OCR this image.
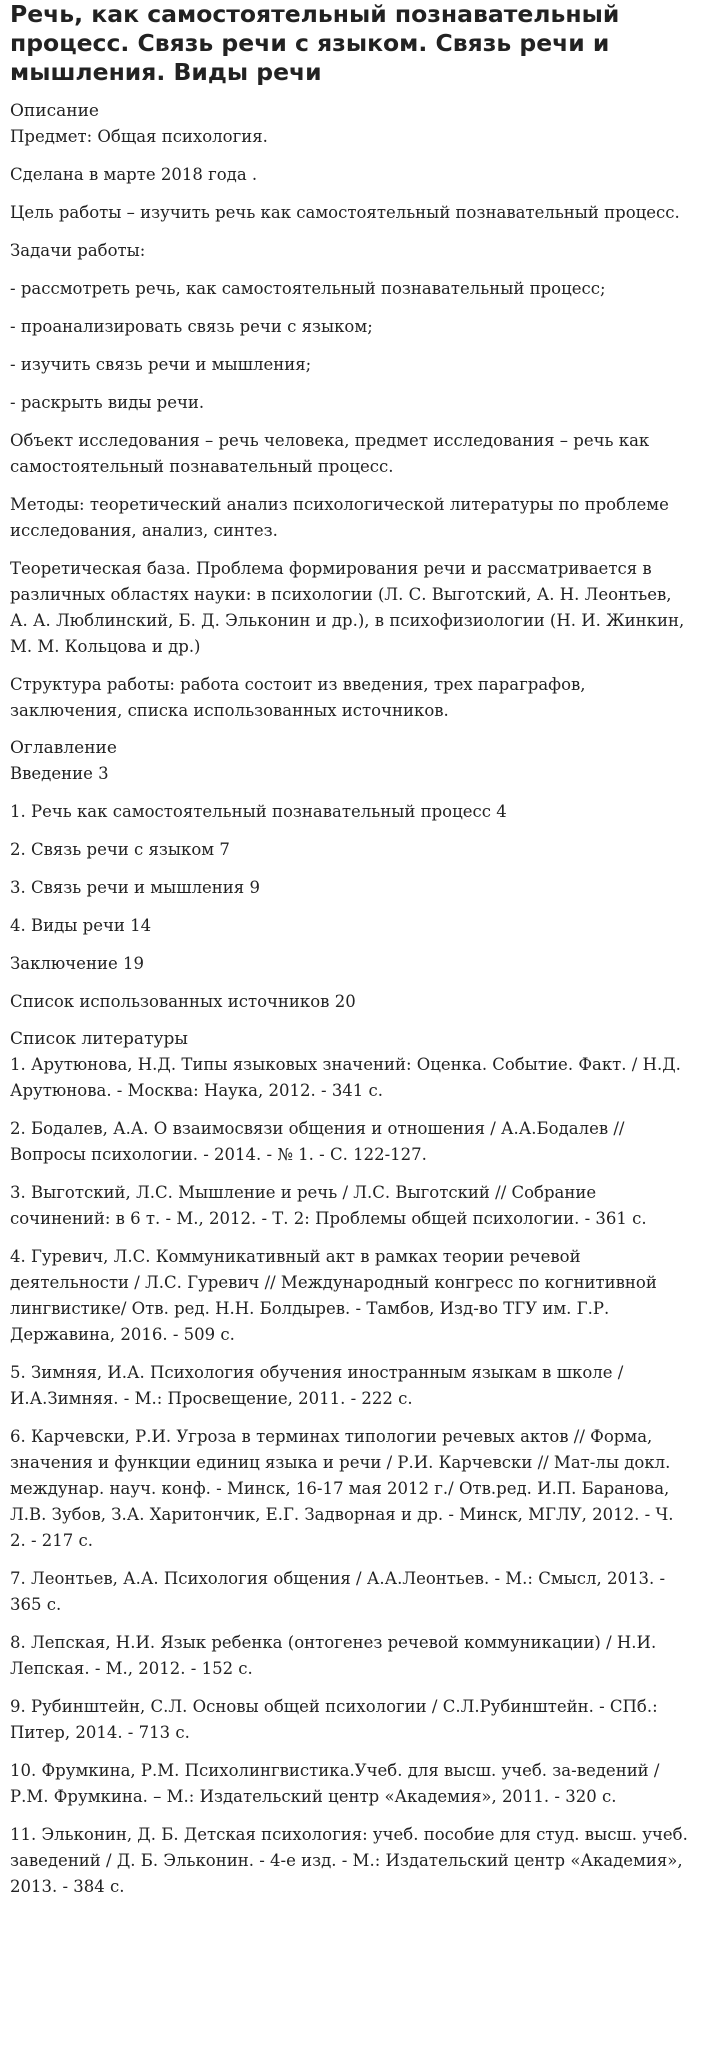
Речь, как самостоятельный познавательный процесс. Связь речи с языком. Связь речи и мышления. Виды речи
Описание

Предмет: Общая психология.

Сделана в марте 2018 года .

Цель работы – изучить речь как самостоятельный познавательный процесс.

Задачи работы:

- рассмотреть речь, как самостоятельный познавательный процесс;

- проанализировать связь речи с языком;

- изучить связь речи и мышления;

- раскрыть виды речи.

Объект исследования – речь человека, предмет исследования – речь как самостоятельный познавательный процесс.

Методы: теоретический анализ психологической литературы по проблеме исследования, анализ, синтез.

Теоретическая база. Проблема формирования речи и рассматривается в различных областях науки: в психологии (Л. С. Выготский, А. Н. Леонтьев, А. А. Люблинский, Б. Д. Эльконин и др.), в психофизиологии (Н. И. Жинкин, М. М. Кольцова и др.)

Структура работы: работа состоит из введения, трех параграфов, заключения, списка использованных источников.

Оглавление

Введение 3

1. Речь как самостоятельный познавательный процесс 4

2. Связь речи с языком 7

3. Связь речи и мышления 9

4. Виды речи 14

Заключение 19

Список использованных источников 20

Список литературы

1. Арутюнова, Н.Д. Типы языковых значений: Оценка. Событие. Факт. / Н.Д. Арутюнова. - Москва: Наука, 2012. - 341 с.

2. Бодалев, А.А. О взаимосвязи общения и отношения / А.А.Бодалев // Вопросы психологии. - 2014. - № 1. - С. 122-127.

3. Выготский, Л.С. Мышление и речь / Л.С. Выготский // Собрание сочинений: в 6 т. - М., 2012. - Т. 2: Проблемы общей психологии. - 361 с.

4. Гуревич, Л.С. Коммуникативный акт в рамках теории речевой деятельности / Л.С. Гуревич // Международный конгресс по когнитивной лингвистике/ Отв. ред. Н.Н. Болдырев. - Тамбов, Изд-во ТГУ им. Г.Р. Державина, 2016. - 509 с.

5. Зимняя, И.А. Психология обучения иностранным языкам в школе / И.А.Зимняя. - М.: Просвещение, 2011. - 222 с.

6. Карчевски, Р.И. Угроза в терминах типологии речевых актов // Форма, значения и функции единиц языка и речи / Р.И. Карчевски // Мат-лы докл. междунар. науч. конф. - Минск, 16-17 мая 2012 г./ Отв.ред. И.П. Баранова, Л.В. Зубов, З.А. Харитончик, Е.Г. Задворная и др. - Минск, МГЛУ, 2012. - Ч. 2. - 217 с.

7. Леонтьев, А.А. Психология общения / А.А.Леонтьев. - М.: Смысл, 2013. - 365 с.

8. Лепская, Н.И. Язык ребенка (онтогенез речевой коммуникации) / Н.И. Лепская. - М., 2012. - 152 с.

9. Рубинштейн, С.Л. Основы общей психологии / С.Л.Рубинштейн. - СПб.: Питер, 2014. - 713 с.

10. Фрумкина, Р.М. Психолингвистика.Учеб. для высш. учеб. за-ведений / Р.М. Фрумкина. – М.: Издательский центр «Академия», 2011. - 320 с.

11. Эльконин, Д. Б. Детская психология: учеб. пособие для студ. высш. учеб. заведений / Д. Б. Эльконин. - 4-е изд. - М.: Издательский центр «Академия», 2013. - 384 с.
